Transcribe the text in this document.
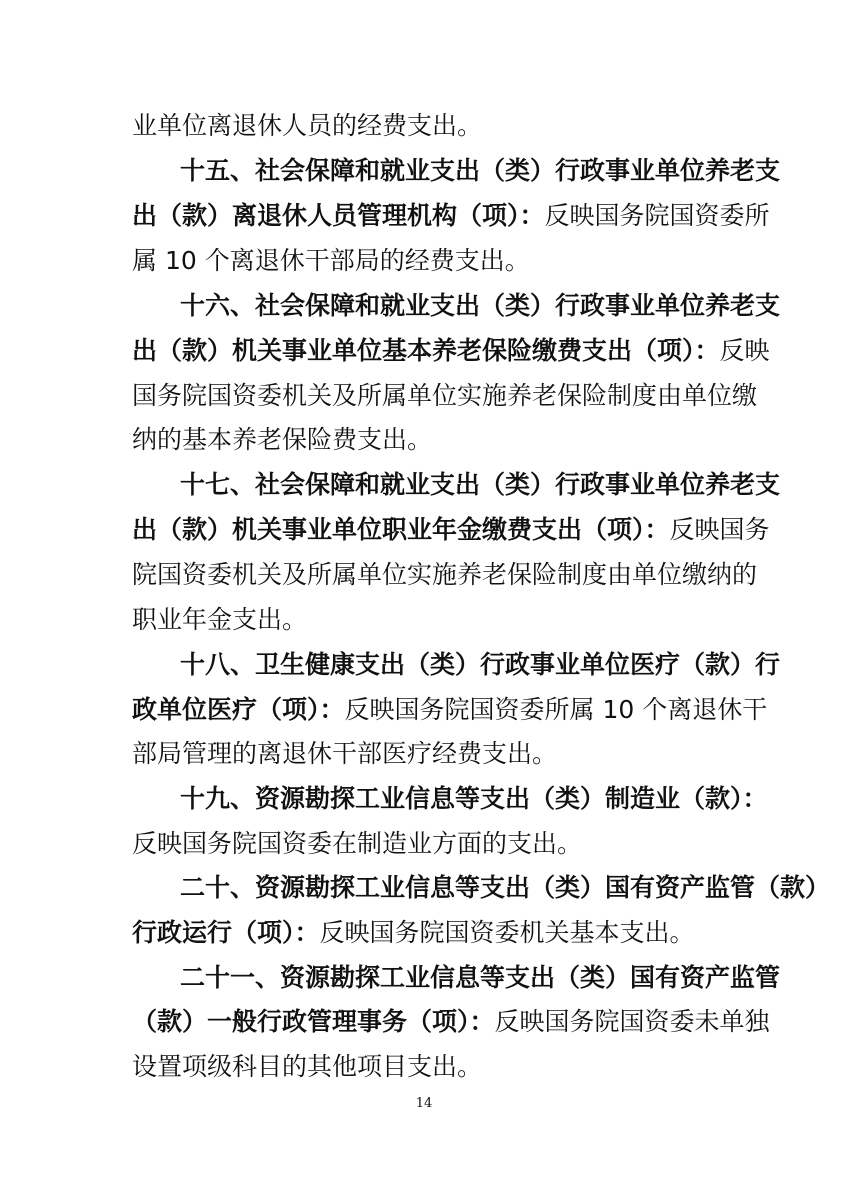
业单位离退休人员的经费支出。
十五、社会保障和就业支出（类）行政事业单位养老支
出（款）离退休人员管理机构（项）：反映国务院国资委所
属 10 个离退休干部局的经费支出。
十六、社会保障和就业支出（类）行政事业单位养老支
出（款）机关事业单位基本养老保险缴费支出（项）：反映
国务院国资委机关及所属单位实施养老保险制度由单位缴
纳的基本养老保险费支出。
十七、社会保障和就业支出（类）行政事业单位养老支
出（款）机关事业单位职业年金缴费支出（项）：反映国务
院国资委机关及所属单位实施养老保险制度由单位缴纳的
职业年金支出。
十八、卫生健康支出（类）行政事业单位医疗（款）行
政单位医疗（项）：反映国务院国资委所属 10 个离退休干
部局管理的离退休干部医疗经费支出。
十九、资源勘探工业信息等支出（类）制造业（款）：
反映国务院国资委在制造业方面的支出。
二十、资源勘探工业信息等支出（类）国有资产监管（款）
行政运行（项）：反映国务院国资委机关基本支出。
二十一、资源勘探工业信息等支出（类）国有资产监管
（款）一般行政管理事务（项）：反映国务院国资委未单独
设置项级科目的其他项目支出。
14
